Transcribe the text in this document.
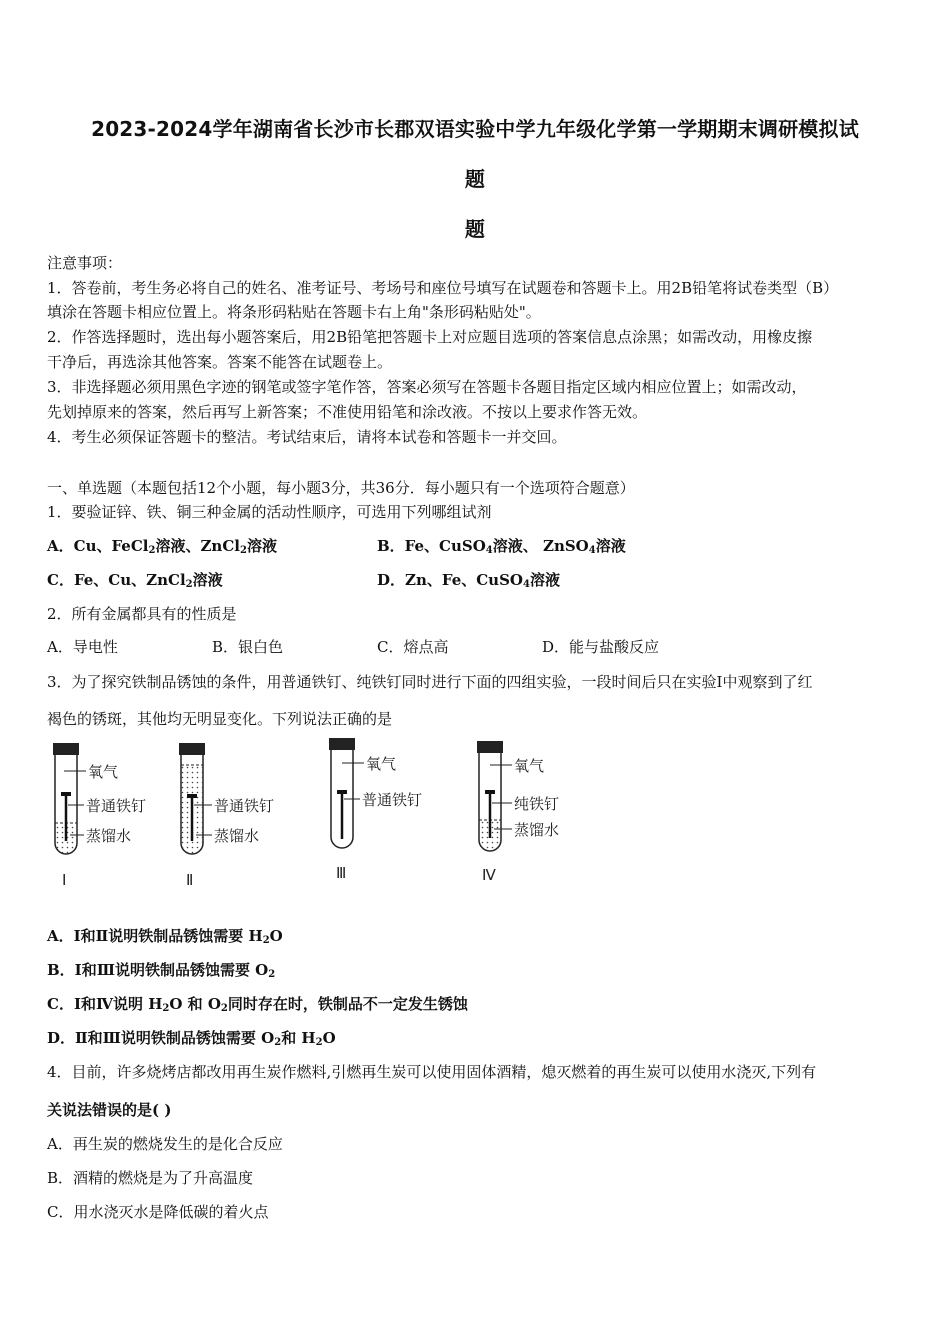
2023-2024学年湖南省长沙市长郡双语实验中学九年级化学第一学期期末调研模拟试
题
题
注意事项：
1．答卷前，考生务必将自己的姓名、准考证号、考场号和座位号填写在试题卷和答题卡上。用2B铅笔将试卷类型（B）
填涂在答题卡相应位置上。将条形码粘贴在答题卡右上角"条形码粘贴处"。
2．作答选择题时，选出每小题答案后，用2B铅笔把答题卡上对应题目选项的答案信息点涂黑；如需改动，用橡皮擦
干净后，再选涂其他答案。答案不能答在试题卷上。
3．非选择题必须用黑色字迹的钢笔或签字笔作答，答案必须写在答题卡各题目指定区域内相应位置上；如需改动，
先划掉原来的答案，然后再写上新答案；不准使用铅笔和涂改液。不按以上要求作答无效。
4．考生必须保证答题卡的整洁。考试结束后，请将本试卷和答题卡一并交回。
一、单选题（本题包括12个小题，每小题3分，共36分．每小题只有一个选项符合题意）
1．要验证锌、铁、铜三种金属的活动性顺序，可选用下列哪组试剂
A．Cu、FeCl$_2$溶液、ZnCl$_2$溶液	B．Fe、CuSO$_4$溶液、 ZnSO$_4$溶液
C．Fe、Cu、ZnCl$_2$溶液	D．Zn、Fe、CuSO$_4$溶液
2．所有金属都具有的性质是
A．导电性	B．银白色	C．熔点高	D．能与盐酸反应
3．为了探究铁制品锈蚀的条件，用普通铁钉、纯铁钉同时进行下面的四组实验，一段时间后只在实验Ⅰ中观察到了红
褐色的锈斑，其他均无明显变化。下列说法正确的是
氧气
普通铁钉
蒸馏水
Ⅰ
普通铁钉
蒸馏水
Ⅱ
氧气
普通铁钉
Ⅲ
氧气
纯铁钉
蒸馏水
Ⅳ
A．Ⅰ和Ⅱ说明铁制品锈蚀需要 $H_2O$
B．Ⅰ和Ⅲ说明铁制品锈蚀需要 $O_2$
C．Ⅰ和Ⅳ说明 $H_2O$ 和 $O_2$同时存在时，铁制品不一定发生锈蚀
D．Ⅱ和Ⅲ说明铁制品锈蚀需要 $O_2$和 $H_2O$
4．目前，许多烧烤店都改用再生炭作燃料,引燃再生炭可以使用固体酒精，熄灭燃着的再生炭可以使用水浇灭,下列有
关说法错误的是( )
A．再生炭的燃烧发生的是化合反应
B．酒精的燃烧是为了升高温度
C．用水浇灭水是降低碳的着火点
